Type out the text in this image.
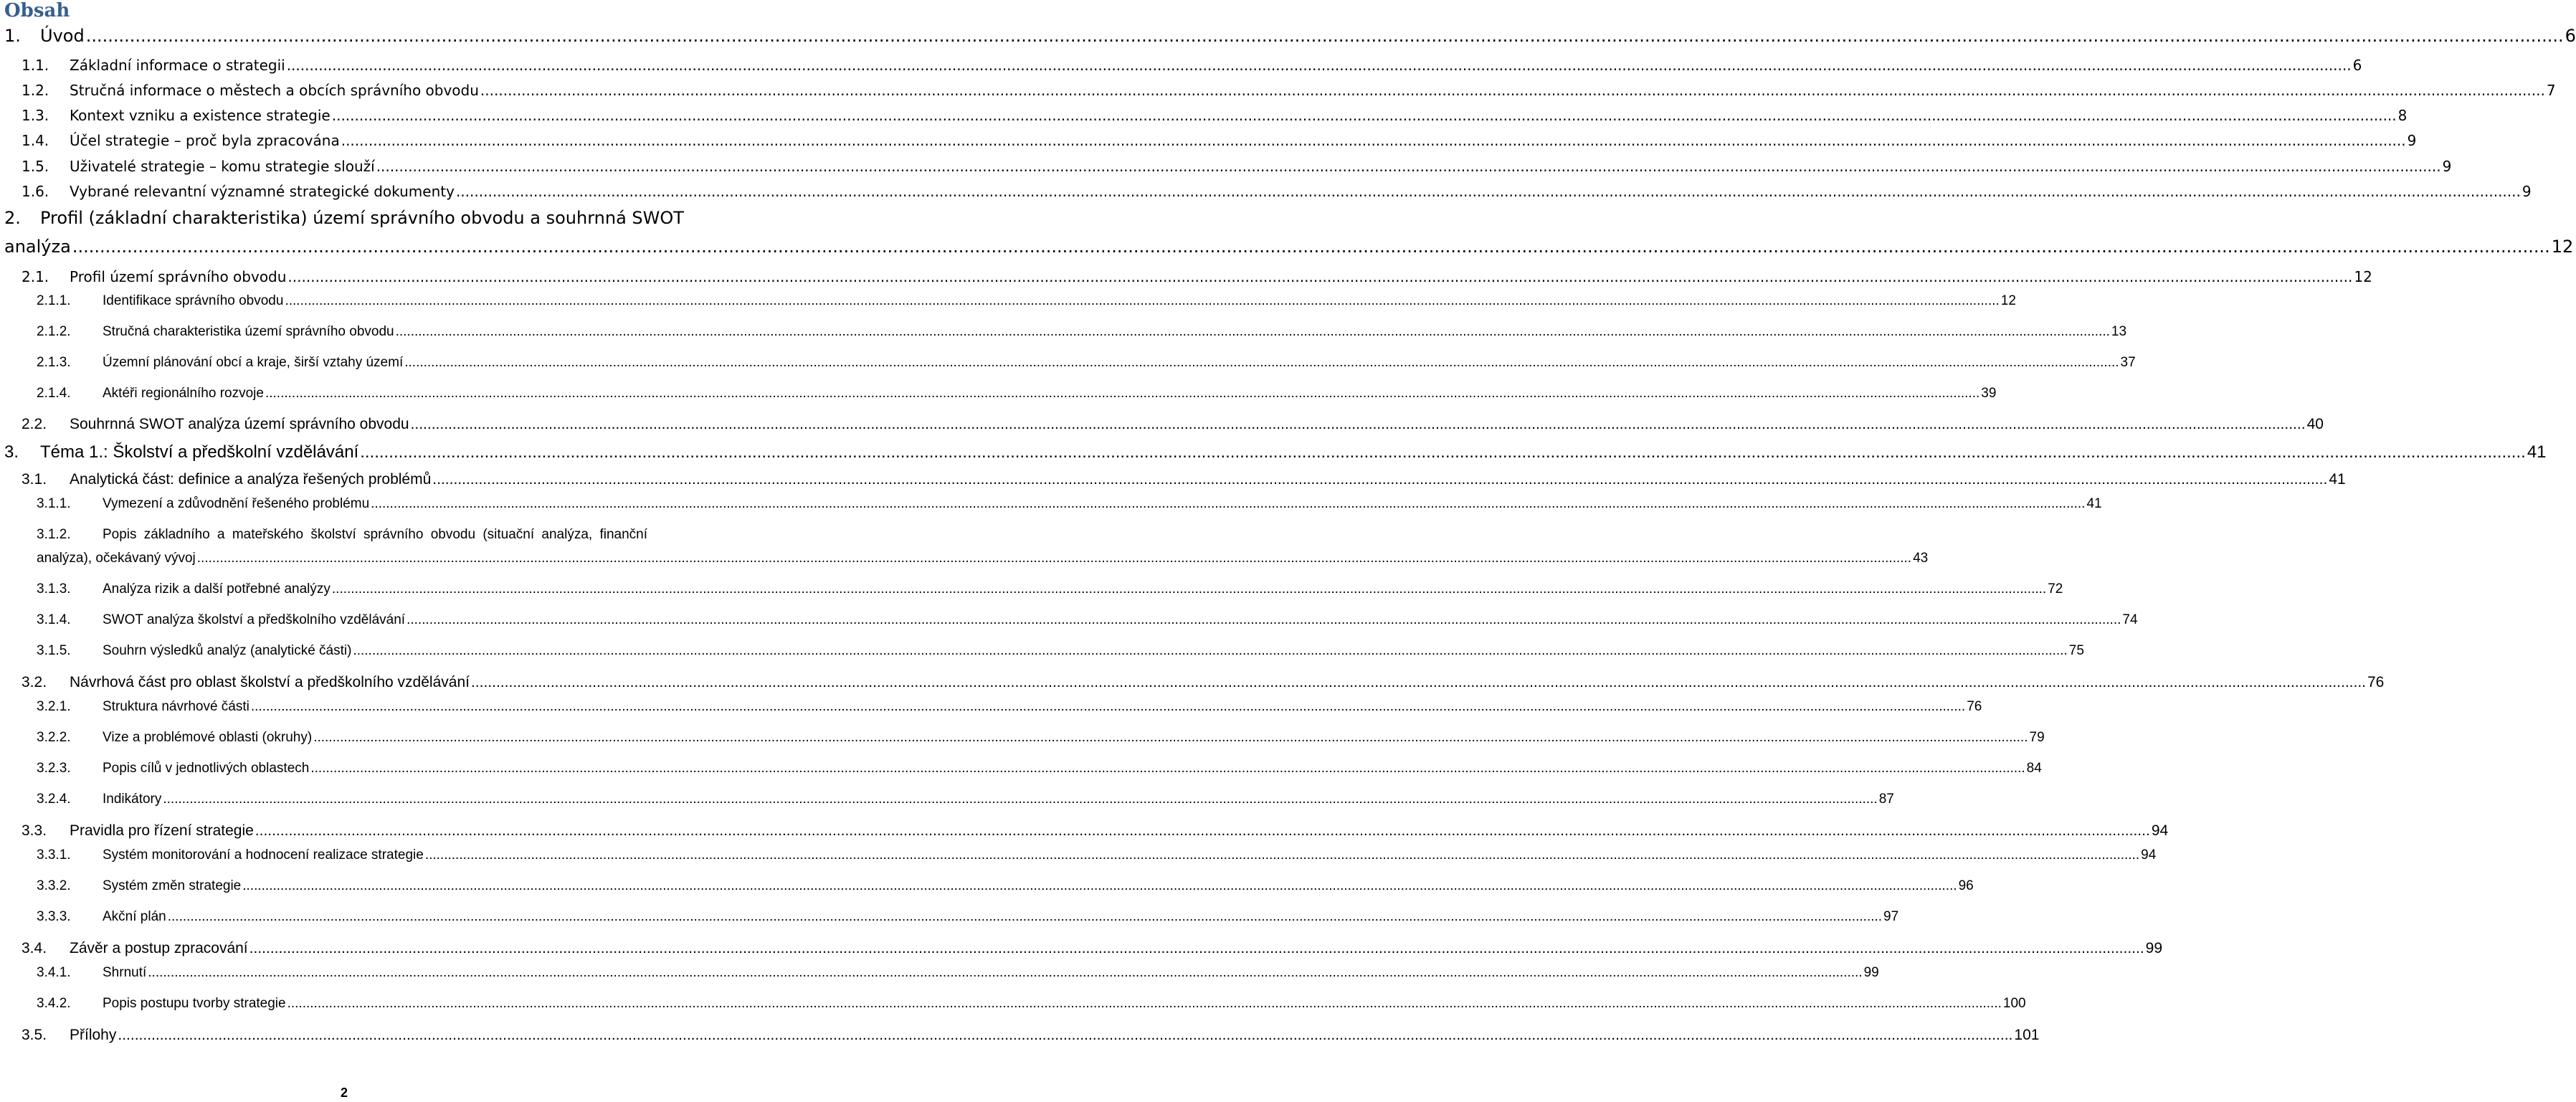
Obsah
1. Úvod .....	6
1.1. Základní informace o strategii .....	6
1.2. Stručná informace o městech a obcích správního obvodu .....	7
1.3. Kontext vzniku a existence strategie .....	8
1.4. Účel strategie – proč byla zpracována .....	9
1.5. Uživatelé strategie – komu strategie slouží .....	9
1.6. Vybrané relevantní významné strategické dokumenty .....	9
2. Profil (základní charakteristika) území správního obvodu a souhrnná SWOT
analýza .....	12
2.1. Profil území správního obvodu .....	12
2.1.1. Identifikace správního obvodu .....	12
2.1.2. Stručná charakteristika území správního obvodu .....	13
2.1.3. Územní plánování obcí a kraje, širší vztahy území .....	37
2.1.4. Aktéři regionálního rozvoje .....	39
2.2. Souhrnná SWOT analýza území správního obvodu .....	40
3. Téma 1.: Školství a předškolní vzdělávání .....	41
3.1. Analytická část: definice a analýza řešených problémů .....	41
3.1.1. Vymezení a zdůvodnění řešeného problému .....	41
3.1.2. Popis základního a mateřského školství správního obvodu (situační analýza, finanční
analýza), očekávaný vývoj .....	43
3.1.3. Analýza rizik a další potřebné analýzy .....	72
3.1.4. SWOT analýza školství a předškolního vzdělávání .....	74
3.1.5. Souhrn výsledků analýz (analytické části) .....	75
3.2. Návrhová část pro oblast školství a předškolního vzdělávání .....	76
3.2.1. Struktura návrhové části .....	76
3.2.2. Vize a problémové oblasti (okruhy) .....	79
3.2.3. Popis cílů v jednotlivých oblastech .....	84
3.2.4. Indikátory .....	87
3.3. Pravidla pro řízení strategie .....	94
3.3.1. Systém monitorování a hodnocení realizace strategie .....	94
3.3.2. Systém změn strategie .....	96
3.3.3. Akční plán .....	97
3.4. Závěr a postup zpracování .....	99
3.4.1. Shrnutí .....	99
3.4.2. Popis postupu tvorby strategie .....	100
3.5. Přílohy .....	101
2
